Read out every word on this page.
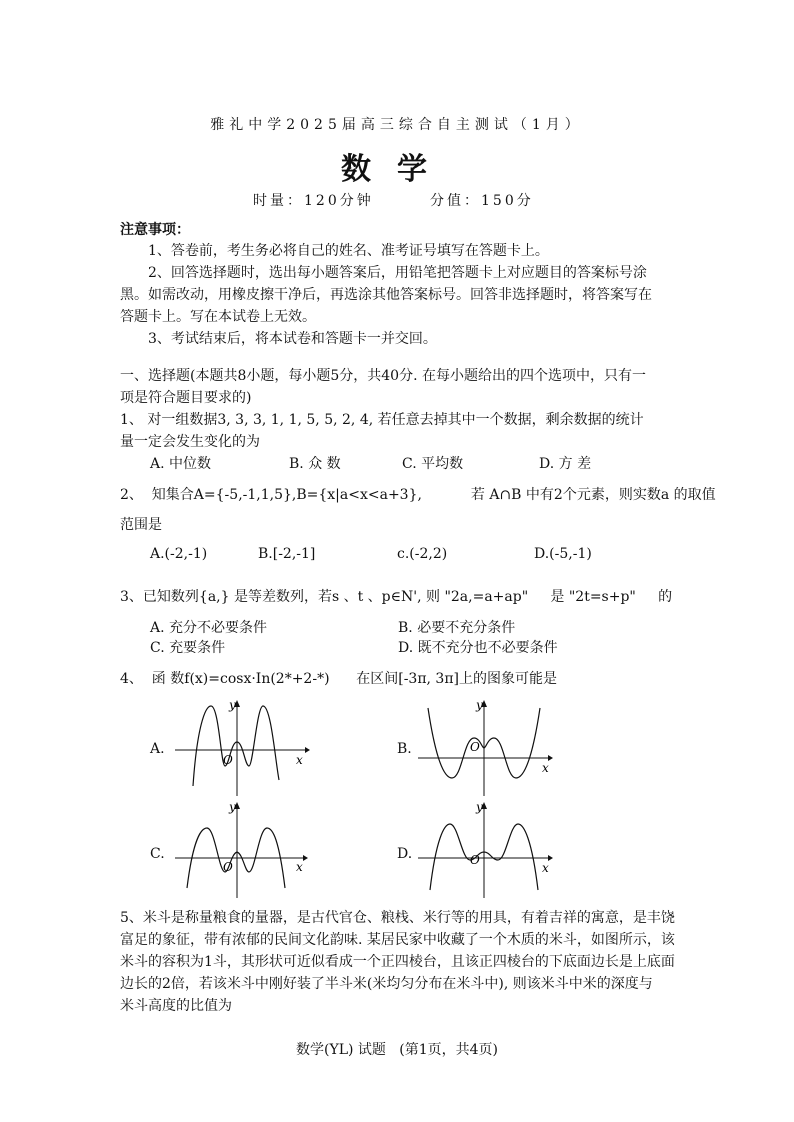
雅礼中学2025届高三综合自主测试（1月）
数学
时量：120分钟	分值：150分
注意事项：
1、答卷前，考生务必将自己的姓名、准考证号填写在答题卡上。
2、回答选择题时，选出每小题答案后，用铅笔把答题卡上对应题目的答案标号涂
黑。如需改动，用橡皮擦干净后，再选涂其他答案标号。回答非选择题时，将答案写在
答题卡上。写在本试卷上无效。
3、考试结束后，将本试卷和答题卡一并交回。
一、选择题(本题共8小题，每小题5分，共40分. 在每小题给出的四个选项中，只有一
项是符合题目要求的)
1、 对一组数据3, 3, 3, 1, 1, 5, 5, 2, 4, 若任意去掉其中一个数据，剩余数据的统计
量一定会发生变化的为
A. 中位数	B. 众 数	C. 平均数	D. 方 差
2、  知集合A={-5,-1,1,5},B={x|a<x<a+3},           若 A∩B 中有2个元素，则实数a 的取值
范围是
A.(-2,-1)	B.[-2,-1]	c.(-2,2)	D.(-5,-1)
3、已知数列{a,} 是等差数列，若s 、t 、p∈N', 则 "2a,=a+ap"     是 "2t=s+p"     的
A. 充分不必要条件	B. 必要不充分条件
C. 充要条件	D. 既不充分也不必要条件
4、  函 数f(x)=cosx·In(2*+2-*)      在区间[-3π, 3π]上的图象可能是
A.
y
x
O
B.
y
x
O
C.
y
x
O
D.
y
x
O
5、米斗是称量粮食的量器，是古代官仓、粮栈、米行等的用具，有着吉祥的寓意，是丰饶
富足的象征，带有浓郁的民间文化韵味. 某居民家中收藏了一个木质的米斗，如图所示，该
米斗的容积为1斗，其形状可近似看成一个正四棱台，且该正四棱台的下底面边长是上底面
边长的2倍，若该米斗中刚好装了半斗米(米均匀分布在米斗中), 则该米斗中米的深度与
米斗高度的比值为
数学(YL) 试题   (第1页，共4页)
